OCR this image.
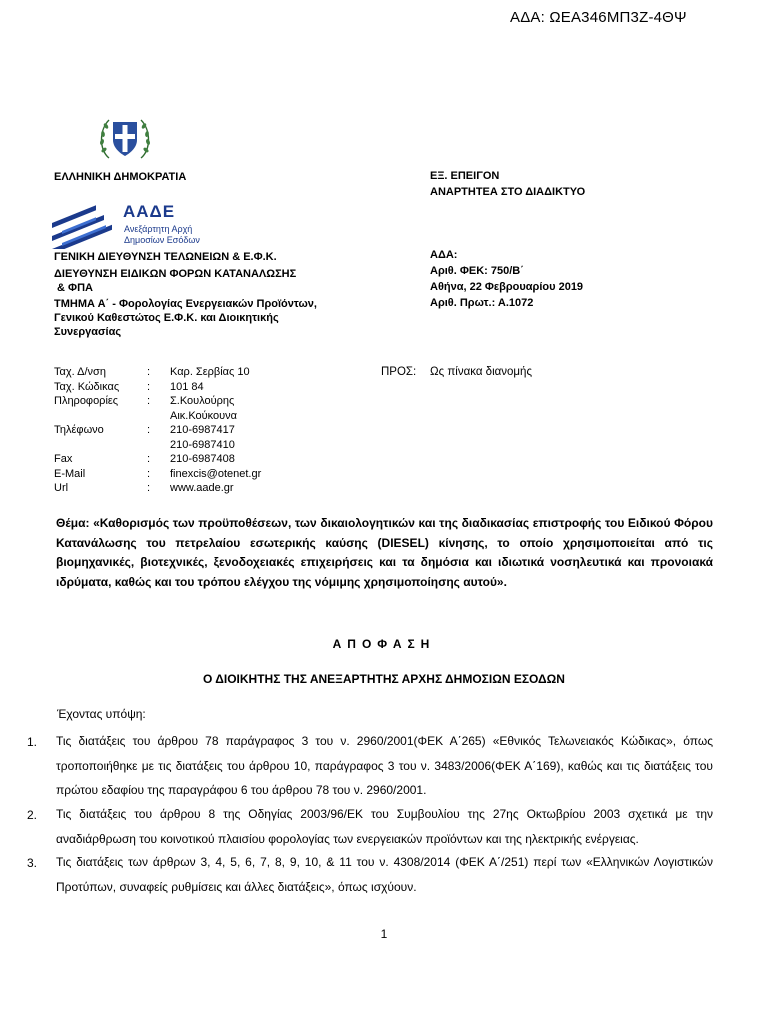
ΑΔΑ: ΩΕΑ346ΜΠ3Ζ-4ΘΨ
ΕΛΛΗΝΙΚΗ ΔΗΜΟΚΡΑΤΙΑ
ΑΑΔΕ
Ανεξάρτητη Αρχή
Δημοσίων Εσόδων
ΓΕΝΙΚΗ ΔΙΕΥΘΥΝΣΗ ΤΕΛΩΝΕΙΩΝ & Ε.Φ.Κ.
ΔΙΕΥΘΥΝΣΗ ΕΙΔΙΚΩΝ ΦΟΡΩΝ ΚΑΤΑΝΑΛΩΣΗΣ
& ΦΠΑ
ΤΜΗΜΑ Α΄ - Φορολογίας Ενεργειακών Προϊόντων,
Γενικού Καθεστώτος Ε.Φ.Κ. και Διοικητικής
Συνεργασίας
ΕΞ. ΕΠΕΙΓΟΝ
ΑΝΑΡΤΗΤΕΑ ΣΤΟ ΔΙΑΔΙΚΤΥΟ
ΑΔΑ:
Αριθ. ΦΕΚ: 750/Β΄
Αθήνα, 22 Φεβρουαρίου 2019
Αριθ. Πρωτ.: Α.1072
Ταχ. Δ/νση	: Καρ. Σερβίας 10
Ταχ. Κώδικας	: 101 84
Πληροφορίες	: Σ.Κουλούρης
Αικ.Κούκουνα
Τηλέφωνο	: 210-6987417
210-6987410
Fax	: 210-6987408
E-Mail	: finexcis@otenet.gr
Url	: www.aade.gr
ΠΡΟΣ: Ως πίνακα διανομής
Θέμα: «Καθορισμός των προϋποθέσεων, των δικαιολογητικών και της διαδικασίας επιστροφής του Ειδικού Φόρου Κατανάλωσης του πετρελαίου εσωτερικής καύσης (DIESEL) κίνησης, το οποίο χρησιμοποιείται από τις βιομηχανικές, βιοτεχνικές, ξενοδοχειακές επιχειρήσεις και τα δημόσια και ιδιωτικά νοσηλευτικά και προνοιακά ιδρύματα, καθώς και του τρόπου ελέγχου της νόμιμης χρησιμοποίησης αυτού».
ΑΠΟΦΑΣΗ
Ο ΔΙΟΙΚΗΤΗΣ ΤΗΣ ΑΝΕΞΑΡΤΗΤΗΣ ΑΡΧΗΣ ΔΗΜΟΣΙΩΝ ΕΣΟΔΩΝ
Έχοντας υπόψη:
1. Τις διατάξεις του άρθρου 78 παράγραφος 3 του ν. 2960/2001(ΦΕΚ Α΄265) «Εθνικός Τελωνειακός Κώδικας», όπως τροποποιήθηκε με τις διατάξεις του άρθρου 10, παράγραφος 3 του ν. 3483/2006(ΦΕΚ Α΄169), καθώς και τις διατάξεις του πρώτου εδαφίου της παραγράφου 6 του άρθρου 78 του ν. 2960/2001.
2. Τις διατάξεις του άρθρου 8 της Οδηγίας 2003/96/ΕΚ του Συμβουλίου της 27ης Οκτωβρίου 2003 σχετικά με την αναδιάρθρωση του κοινοτικού πλαισίου φορολογίας των ενεργειακών προϊόντων και της ηλεκτρικής ενέργειας.
3. Τις διατάξεις των άρθρων 3, 4, 5, 6, 7, 8, 9, 10, & 11 του ν. 4308/2014 (ΦΕΚ Α΄/251) περί των «Ελληνικών Λογιστικών Προτύπων, συναφείς ρυθμίσεις και άλλες διατάξεις», όπως ισχύουν.
1
